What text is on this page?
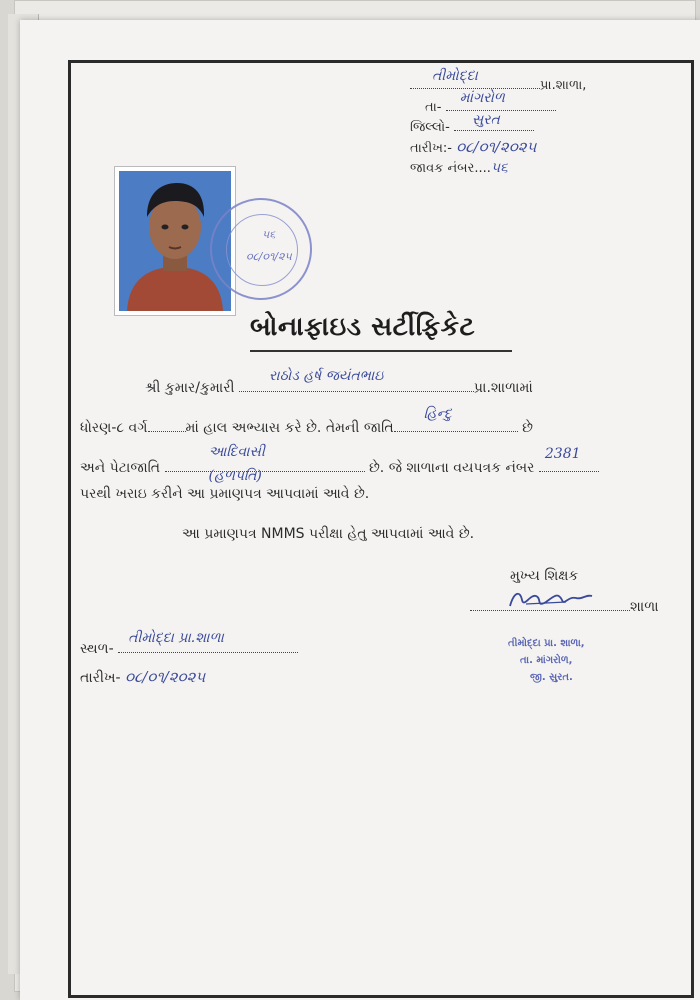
તીમોદ્દા
પ્રા.શાળા,
તા-
માંગરોળ
જિલ્લો- સુરત
તારીખ:- ૦૮/૦૧/૨૦૨૫
જાવક નંબર....૫૬
૫૬
૦૮/૦૧/૨૫
બોનાફાઇડ સર્ટીફિકેટ
શ્રી કુમાર/કુમારી
રાઠોડ હર્ષ જયંતભાઇ
પ્રા.શાળામાં
ધોરણ-૮ વર્ગ	માં હાલ અભ્યાસ કરે છે. તેમની જાતિ
હિન્દુ
છે
અને પેટાજાતિ
આદિવાસી
(હળપતિ)	છે. જે શાળાના વયપત્રક નંબર
2381
પરથી ખરાઇ કરીને આ પ્રમાણપત્ર આપવામાં આવે છે.
આ પ્રમાણપત્ર NMMS પરીક્ષા હેતુ આપવામાં આવે છે.
મુખ્ય શિક્ષક
શાળા
તીમોદ્દા પ્રા. શાળા,
તા. માંગરોળ,
જી. સુરત.
સ્થળ-
તીમોદ્દા પ્રા.શાળા
તારીખ- ૦૮/૦૧/૨૦૨૫
